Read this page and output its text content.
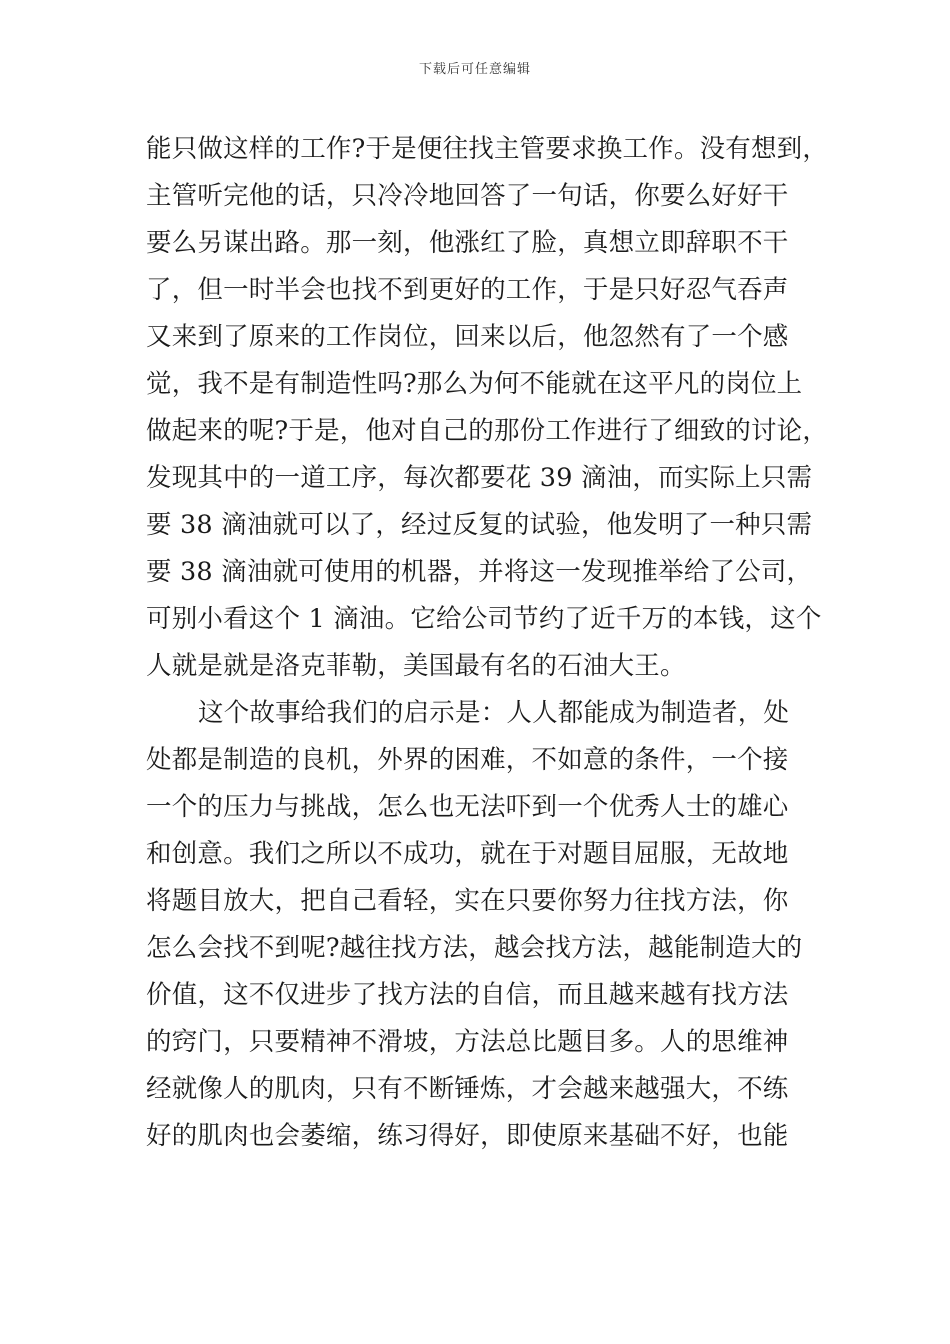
下载后可任意编辑
能只做这样的工作?于是便往找主管要求换工作。没有想到，
主管听完他的话，只冷冷地回答了一句话，你要么好好干
要么另谋出路。那一刻，他涨红了脸，真想立即辞职不干
了，但一时半会也找不到更好的工作，于是只好忍气吞声
又来到了原来的工作岗位，回来以后，他忽然有了一个感
觉，我不是有制造性吗?那么为何不能就在这平凡的岗位上
做起来的呢?于是，他对自己的那份工作进行了细致的讨论，
发现其中的一道工序，每次都要花 39 滴油，而实际上只需
要 38 滴油就可以了，经过反复的试验，他发明了一种只需
要 38 滴油就可使用的机器，并将这一发现推举给了公司，
可别小看这个 1 滴油。它给公司节约了近千万的本钱，这个
人就是就是洛克菲勒，美国最有名的石油大王。
这个故事给我们的启示是：人人都能成为制造者，处
处都是制造的良机，外界的困难，不如意的条件，一个接
一个的压力与挑战，怎么也无法吓到一个优秀人士的雄心
和创意。我们之所以不成功，就在于对题目屈服，无故地
将题目放大，把自己看轻，实在只要你努力往找方法，你
怎么会找不到呢?越往找方法，越会找方法，越能制造大的
价值，这不仅进步了找方法的自信，而且越来越有找方法
的窍门，只要精神不滑坡，方法总比题目多。人的思维神
经就像人的肌肉，只有不断锤炼，才会越来越强大，不练
好的肌肉也会萎缩，练习得好，即使原来基础不好，也能
